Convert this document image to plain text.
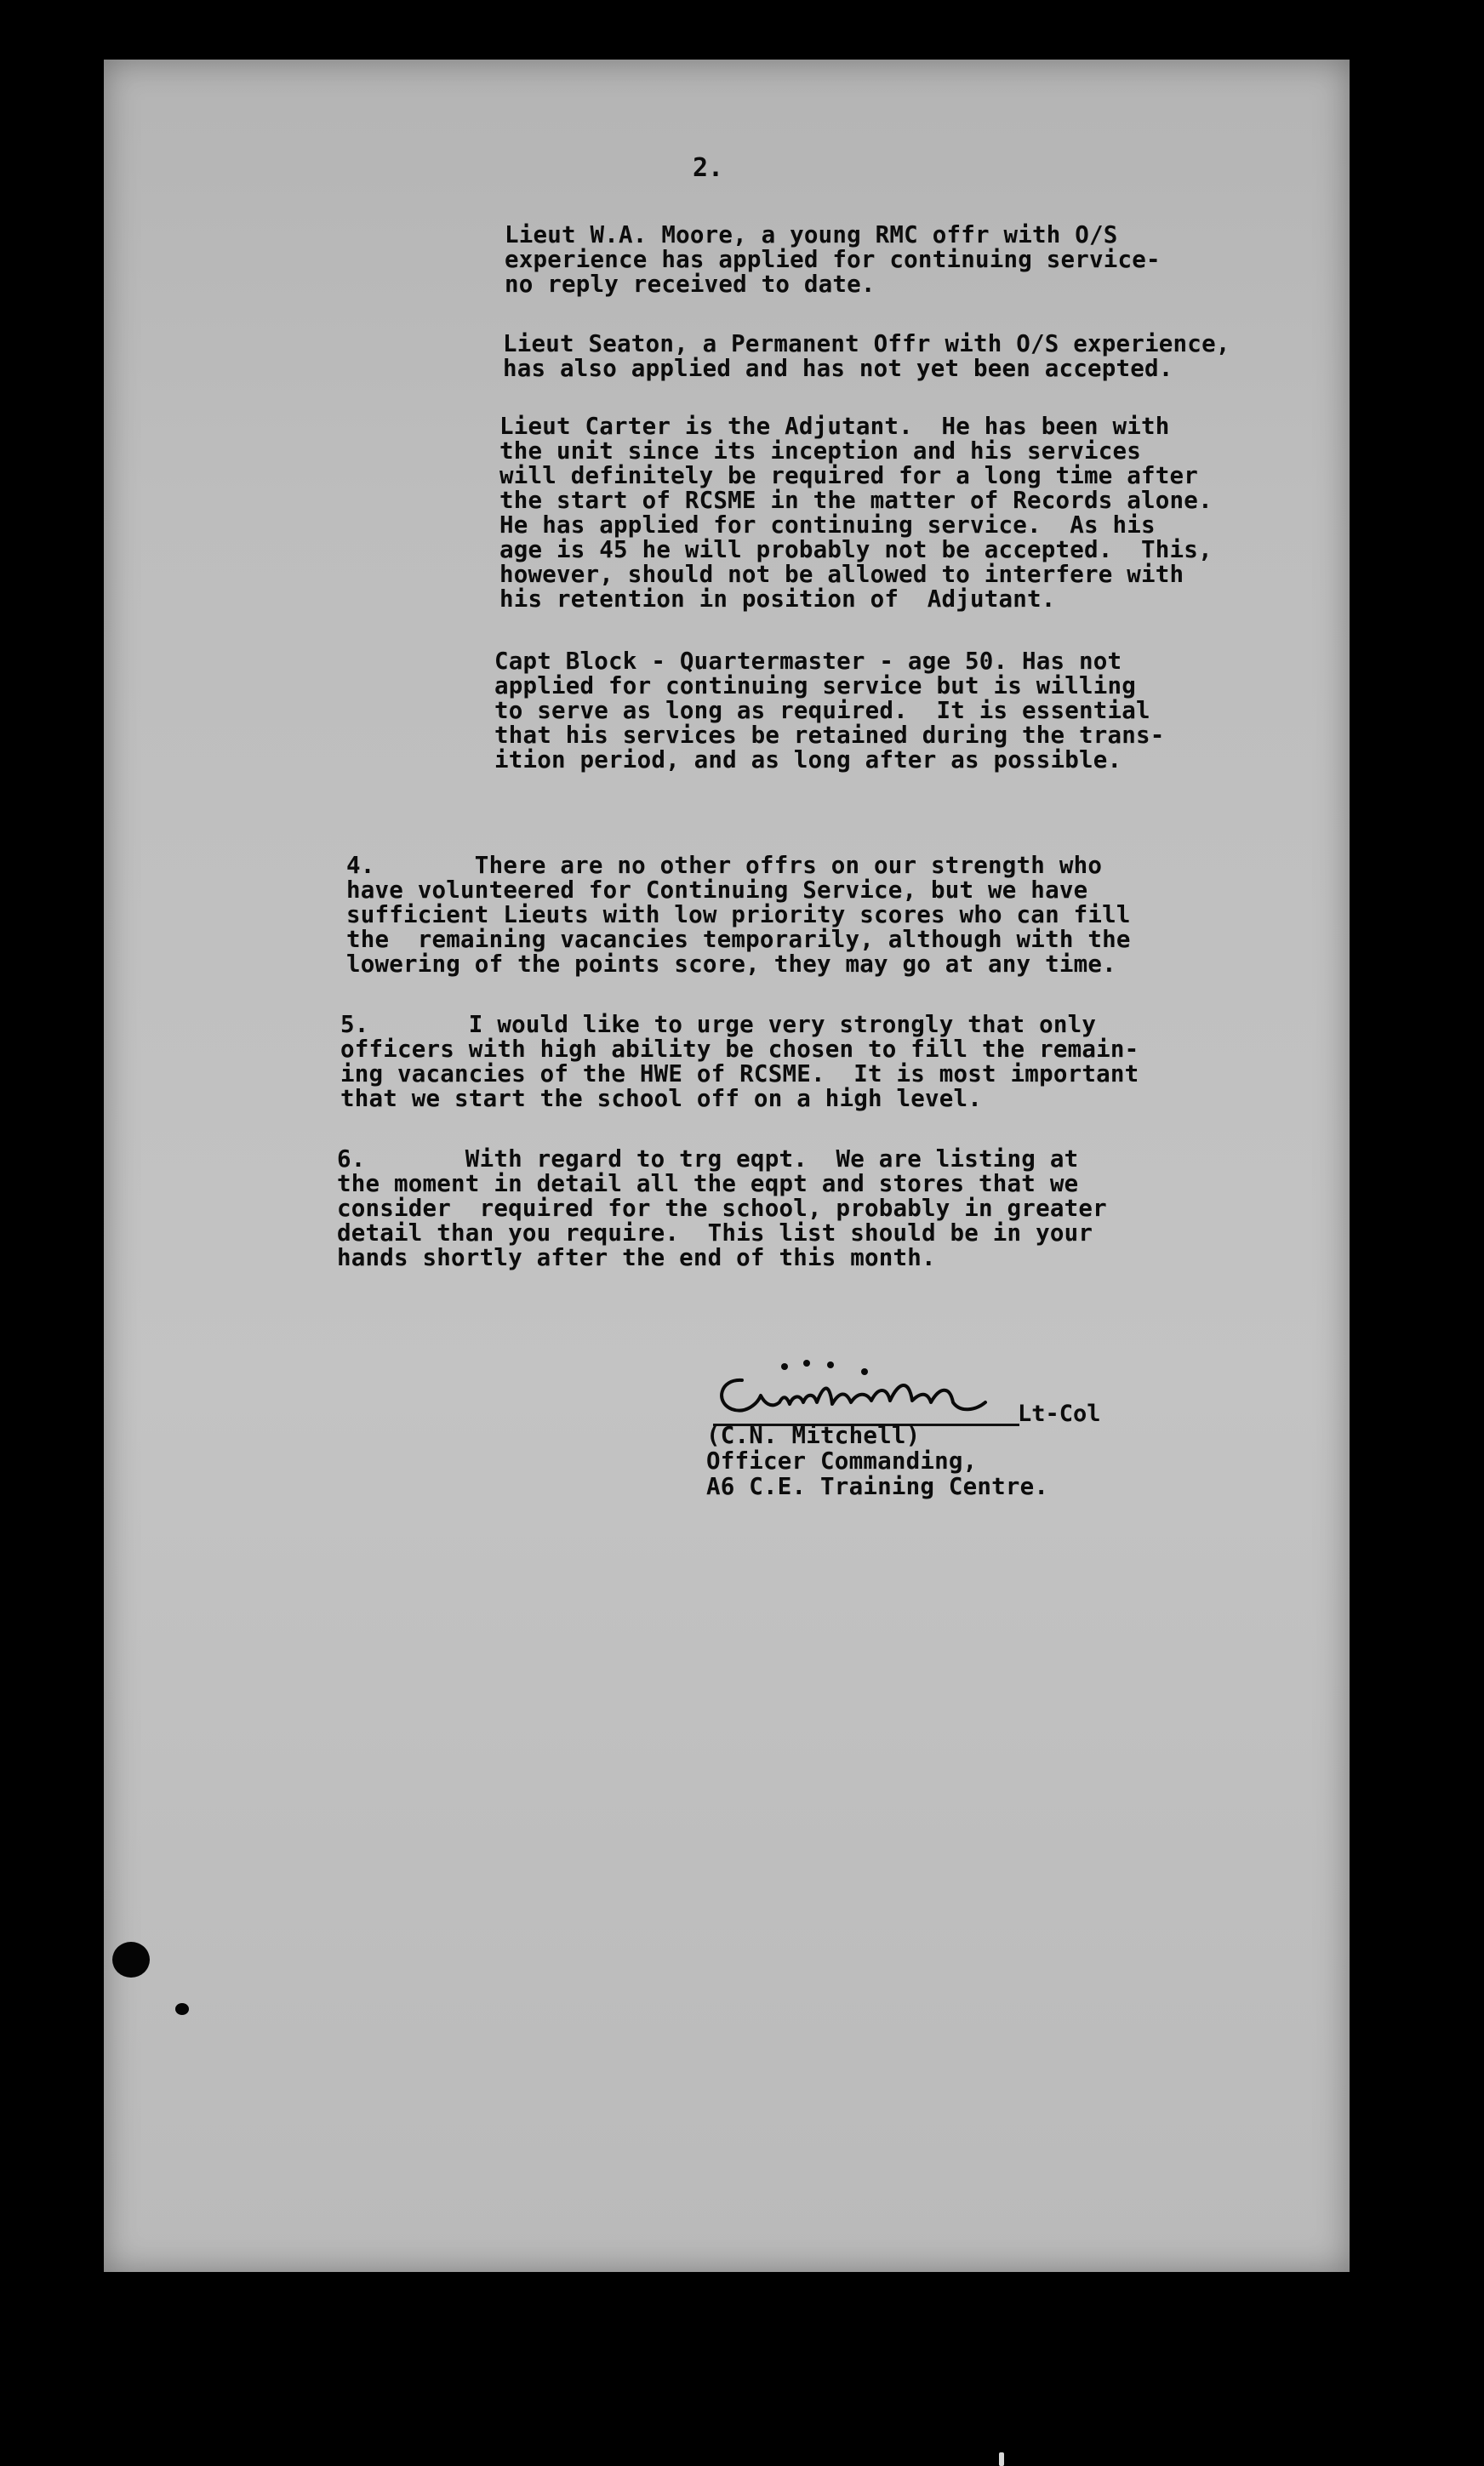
2.
Lieut W.A. Moore, a young RMC offr with O/S
experience has applied for continuing service-
no reply received to date.
Lieut Seaton, a Permanent Offr with O/S experience,
has also applied and has not yet been accepted.
Lieut Carter is the Adjutant.  He has been with
the unit since its inception and his services
will definitely be required for a long time after
the start of RCSME in the matter of Records alone.
He has applied for continuing service.  As his
age is 45 he will probably not be accepted.  This,
however, should not be allowed to interfere with
his retention in position of  Adjutant.
Capt Block - Quartermaster - age 50. Has not
applied for continuing service but is willing
to serve as long as required.  It is essential
that his services be retained during the trans-
ition period, and as long after as possible.
4.       There are no other offrs on our strength who
have volunteered for Continuing Service, but we have
sufficient Lieuts with low priority scores who can fill
the  remaining vacancies temporarily, although with the
lowering of the points score, they may go at any time.
5.       I would like to urge very strongly that only
officers with high ability be chosen to fill the remain-
ing vacancies of the HWE of RCSME.  It is most important
that we start the school off on a high level.
6.       With regard to trg eqpt.  We are listing at
the moment in detail all the eqpt and stores that we
consider  required for the school, probably in greater
detail than you require.  This list should be in your
hands shortly after the end of this month.
Lt-Col
(C.N. Mitchell)
Officer Commanding,
A6 C.E. Training Centre.
